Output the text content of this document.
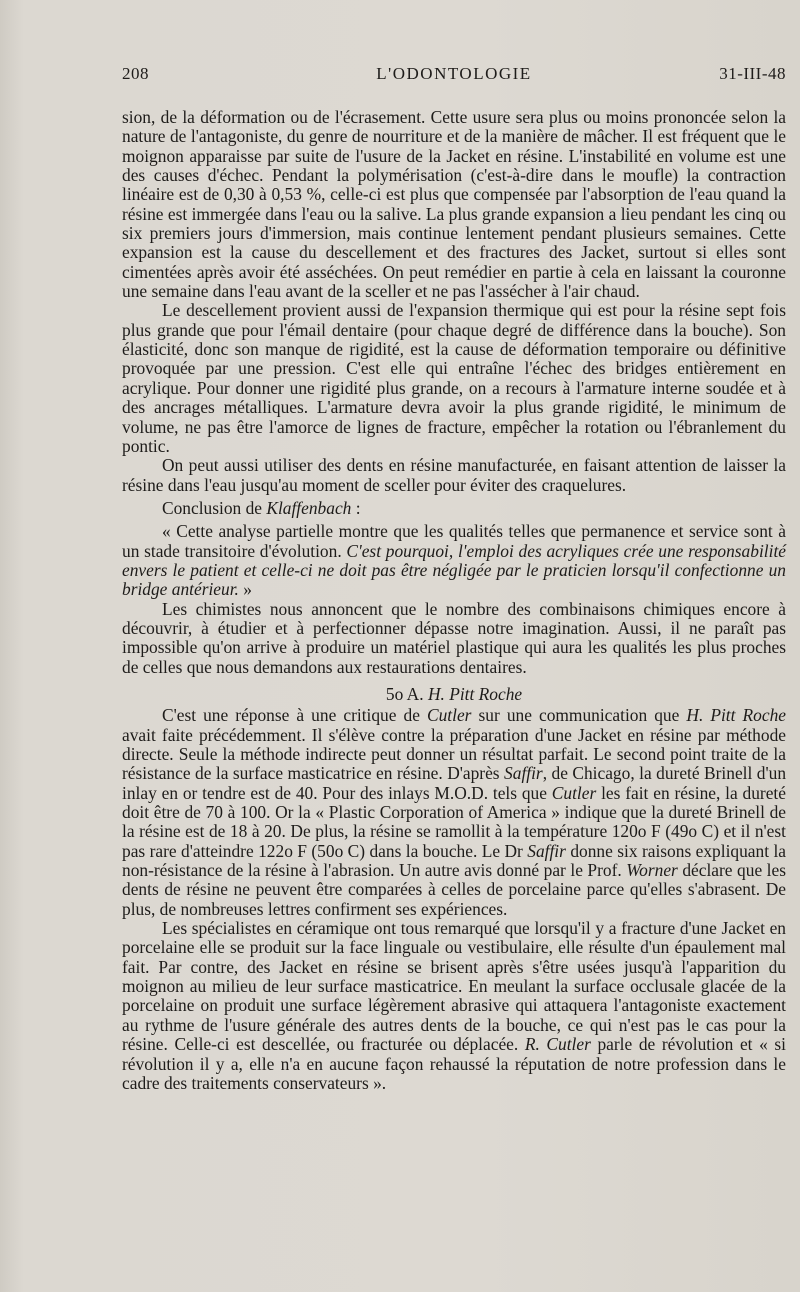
208	L'ODONTOLOGIE	31-III-48

sion, de la déformation ou de l'écrasement. Cette usure sera plus ou moins prononcée selon la nature de l'antagoniste, du genre de nourriture et de la manière de mâcher. Il est fréquent que le moignon apparaisse par suite de l'usure de la Jacket en résine. L'instabilité en volume est une des causes d'échec. Pendant la polymérisation (c'est-à-dire dans le moufle) la contraction linéaire est de 0,30 à 0,53 %, celle-ci est plus que compensée par l'absorption de l'eau quand la résine est immergée dans l'eau ou la salive. La plus grande expansion a lieu pendant les cinq ou six premiers jours d'immersion, mais continue lentement pendant plusieurs semaines. Cette expansion est la cause du descellement et des fractures des Jacket, surtout si elles sont cimentées après avoir été asséchées. On peut remédier en partie à cela en laissant la couronne une semaine dans l'eau avant de la sceller et ne pas l'assécher à l'air chaud.

Le descellement provient aussi de l'expansion thermique qui est pour la résine sept fois plus grande que pour l'émail dentaire (pour chaque degré de différence dans la bouche). Son élasticité, donc son manque de rigidité, est la cause de déformation temporaire ou définitive provoquée par une pression. C'est elle qui entraîne l'échec des bridges entièrement en acrylique. Pour donner une rigidité plus grande, on a recours à l'armature interne soudée et à des ancrages métalliques. L'armature devra avoir la plus grande rigidité, le minimum de volume, ne pas être l'amorce de lignes de fracture, empêcher la rotation ou l'ébranlement du pontic.

On peut aussi utiliser des dents en résine manufacturée, en faisant attention de laisser la résine dans l'eau jusqu'au moment de sceller pour éviter des craquelures.

Conclusion de Klaffenbach :

« Cette analyse partielle montre que les qualités telles que permanence et service sont à un stade transitoire d'évolution. C'est pourquoi, l'emploi des acryliques crée une responsabilité envers le patient et celle-ci ne doit pas être négligée par le praticien lorsqu'il confectionne un bridge antérieur. »

Les chimistes nous annoncent que le nombre des combinaisons chimiques encore à découvrir, à étudier et à perfectionner dépasse notre imagination. Aussi, il ne paraît pas impossible qu'on arrive à produire un matériel plastique qui aura les qualités les plus proches de celles que nous demandons aux restaurations dentaires.

5o A. H. Pitt Roche

C'est une réponse à une critique de Cutler sur une communication que H. Pitt Roche avait faite précédemment. Il s'élève contre la préparation d'une Jacket en résine par méthode directe. Seule la méthode indirecte peut donner un résultat parfait. Le second point traite de la résistance de la surface masticatrice en résine. D'après Saffir, de Chicago, la dureté Brinell d'un inlay en or tendre est de 40. Pour des inlays M.O.D. tels que Cutler les fait en résine, la dureté doit être de 70 à 100. Or la « Plastic Corporation of America » indique que la dureté Brinell de la résine est de 18 à 20. De plus, la résine se ramollit à la température 120o F (49o C) et il n'est pas rare d'atteindre 122o F (50o C) dans la bouche. Le Dr Saffir donne six raisons expliquant la non-résistance de la résine à l'abrasion. Un autre avis donné par le Prof. Worner déclare que les dents de résine ne peuvent être comparées à celles de porcelaine parce qu'elles s'abrasent. De plus, de nombreuses lettres confirment ses expériences.

Les spécialistes en céramique ont tous remarqué que lorsqu'il y a fracture d'une Jacket en porcelaine elle se produit sur la face linguale ou vestibulaire, elle résulte d'un épaulement mal fait. Par contre, des Jacket en résine se brisent après s'être usées jusqu'à l'apparition du moignon au milieu de leur surface masticatrice. En meulant la surface occlusale glacée de la porcelaine on produit une surface légèrement abrasive qui attaquera l'antagoniste exactement au rythme de l'usure générale des autres dents de la bouche, ce qui n'est pas le cas pour la résine. Celle-ci est descellée, ou fracturée ou déplacée. R. Cutler parle de révolution et « si révolution il y a, elle n'a en aucune façon rehaussé la réputation de notre profession dans le cadre des traitements conservateurs ».
